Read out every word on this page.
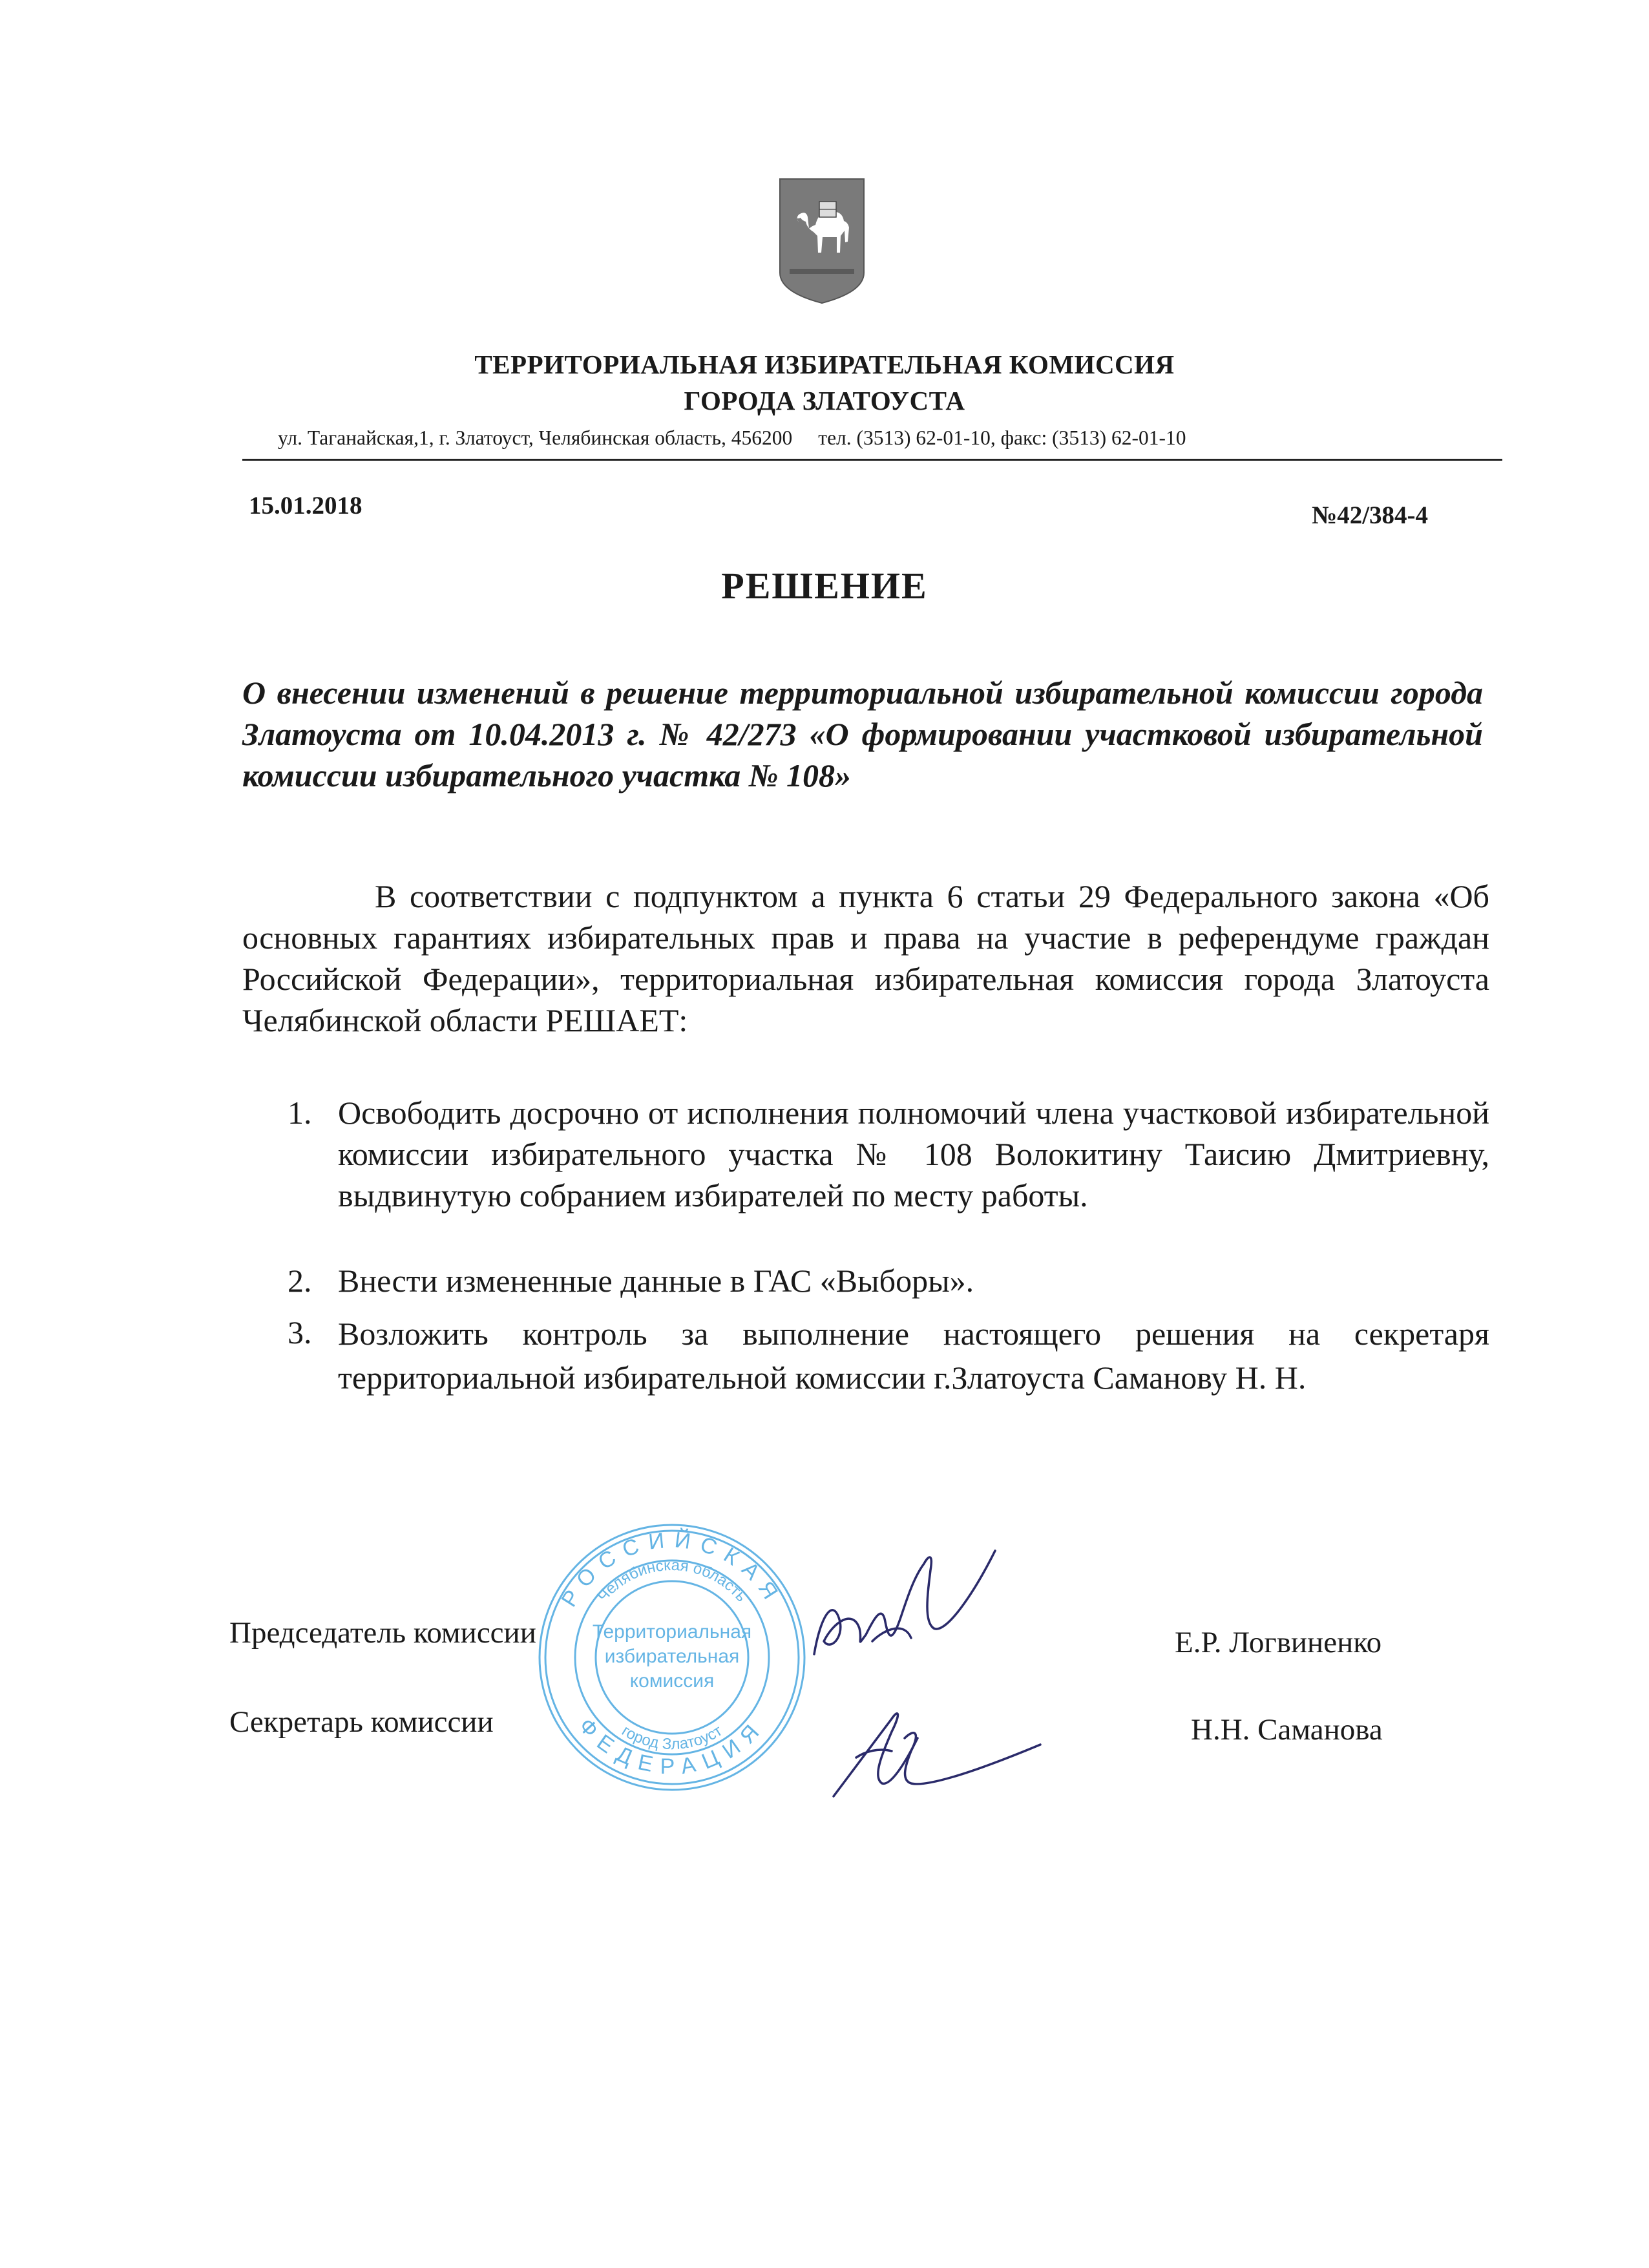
ТЕРРИТОРИАЛЬНАЯ ИЗБИРАТЕЛЬНАЯ КОМИССИЯ
ГОРОДА ЗЛАТОУСТА
ул. Таганайская,1, г. Златоуст, Челябинская область, 456200 тел. (3513) 62-01-10, факс: (3513) 62-01-10
15.01.2018	№42/384-4
РЕШЕНИЕ
О внесении изменений в решение территориальной избирательной комиссии города Златоуста от 10.04.2013 г. № 42/273 «О формировании участковой избирательной комиссии избирательного участка № 108»
В соответствии с подпунктом а пункта 6 статьи 29 Федерального закона «Об основных гарантиях избирательных прав и права на участие в референдуме граждан Российской Федерации», территориальная избирательная комиссия города Златоуста Челябинской области РЕШАЕТ:
1. Освободить досрочно от исполнения полномочий члена участковой избирательной комиссии избирательного участка № 108 Волокитину Таисию Дмитриевну, выдвинутую собранием избирателей по месту работы.
2. Внести измененные данные в ГАС «Выборы».
3. Возложить контроль за выполнение настоящего решения на секретаря территориальной избирательной комиссии г.Златоуста Саманову Н. Н.
РОССИЙСКАЯ
ФЕДЕРАЦИЯ
Челябинская область
город Златоуст
Территориальная
избирательная
комиссия
Председатель комиссии	Е.Р. Логвиненко
Секретарь комиссии	Н.Н. Саманова
